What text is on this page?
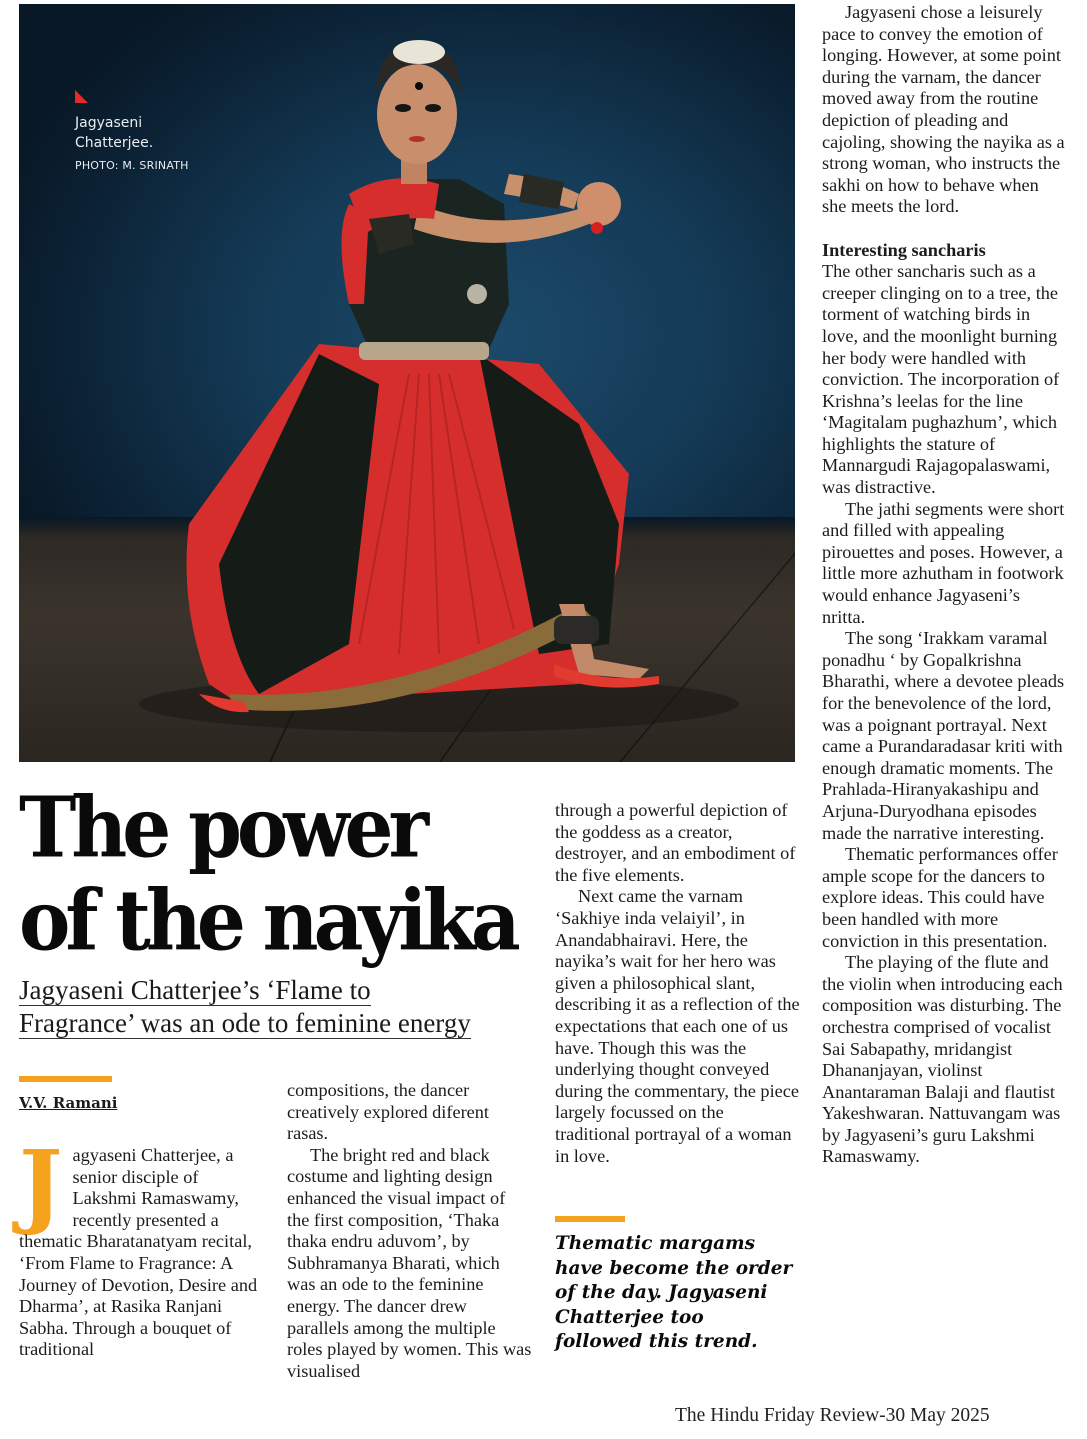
Jagyaseni Chatterjee.
PHOTO: M. SRINATH
The power
of the nayika
Jagyaseni Chatterjee’s ‘Flame to
Fragrance’ was an ode to feminine energy
V.V. Ramani

Jagyaseni Chatterjee, a senior disciple of Lakshmi Ramaswamy, recently presented a thematic Bharatanatyam recital, ‘From Flame to Fragrance: A Journey of Devotion, Desire and Dharma’, at Rasika Ranjani Sabha. Through a bouquet of traditional

compositions, the dancer creatively explored diferent rasas.

The bright red and black costume and lighting design enhanced the visual impact of the first composition, ‘Thaka thaka endru aduvom’, by Subhramanya Bharati, which was an ode to the feminine energy. The dancer drew parallels among the multiple roles played by women. This was visualised

through a powerful depiction of the goddess as a creator, destroyer, and an embodiment of the five elements.

Next came the varnam ‘Sakhiye inda velaiyil’, in Anandabhairavi. Here, the nayika’s wait for her hero was given a philosophical slant, describing it as a reflection of the expectations that each one of us have. Though this was the underlying thought conveyed during the commentary, the piece largely focussed on the traditional portrayal of a woman in love.

Thematic margams have become the order of the day. Jagyaseni Chatterjee too followed this trend.

Jagyaseni chose a leisurely pace to convey the emotion of longing. However, at some point during the varnam, the dancer moved away from the routine depiction of pleading and cajoling, showing the nayika as a strong woman, who instructs the sakhi on how to behave when she meets the lord.

Interesting sancharis

The other sancharis such as a creeper clinging on to a tree, the torment of watching birds in love, and the moonlight burning her body were handled with conviction. The incorporation of Krishna’s leelas for the line ‘Magitalam pughazhum’, which highlights the stature of Mannargudi Rajagopalaswami, was distractive.

The jathi segments were short and filled with appealing pirouettes and poses. However, a little more azhutham in footwork would enhance Jagyaseni’s nritta.

The song ‘Irakkam varamal ponadhu ‘ by Gopalkrishna Bharathi, where a devotee pleads for the benevolence of the lord, was a poignant portrayal. Next came a Purandaradasar kriti with enough dramatic moments. The Prahlada-Hiranyakashipu and Arjuna-Duryodhana episodes made the narrative interesting.

Thematic performances offer ample scope for the dancers to explore ideas. This could have been handled with more conviction in this presentation.

The playing of the flute and the violin when introducing each composition was disturbing. The orchestra comprised of vocalist Sai Sabapathy, mridangist Dhananjayan, violinst Anantaraman Balaji and flautist Yakeshwaran. Nattuvangam was by Jagyaseni’s guru Lakshmi Ramaswamy.

The Hindu Friday Review-30 May 2025
